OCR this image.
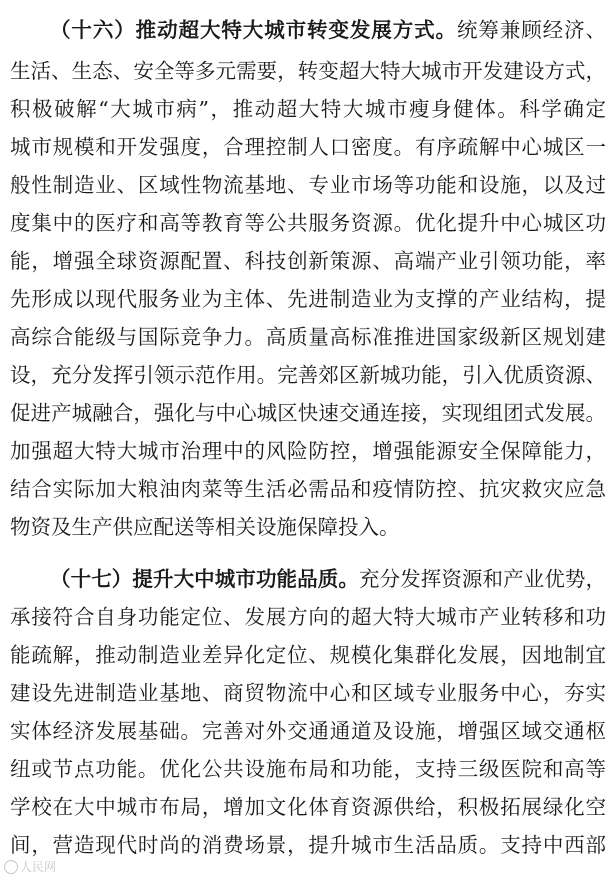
（十六）推动超大特大城市转变发展方式。统筹兼顾经济、
生活、生态、安全等多元需要，转变超大特大城市开发建设方式，
积极破解“大城市病”，推动超大特大城市瘦身健体。科学确定
城市规模和开发强度，合理控制人口密度。有序疏解中心城区一
般性制造业、区域性物流基地、专业市场等功能和设施，以及过
度集中的医疗和高等教育等公共服务资源。优化提升中心城区功
能，增强全球资源配置、科技创新策源、高端产业引领功能，率
先形成以现代服务业为主体、先进制造业为支撑的产业结构，提
高综合能级与国际竞争力。高质量高标准推进国家级新区规划建
设，充分发挥引领示范作用。完善郊区新城功能，引入优质资源、
促进产城融合，强化与中心城区快速交通连接，实现组团式发展。
加强超大特大城市治理中的风险防控，增强能源安全保障能力，
结合实际加大粮油肉菜等生活必需品和疫情防控、抗灾救灾应急
物资及生产供应配送等相关设施保障投入。
（十七）提升大中城市功能品质。充分发挥资源和产业优势，
承接符合自身功能定位、发展方向的超大特大城市产业转移和功
能疏解，推动制造业差异化定位、规模化集群化发展，因地制宜
建设先进制造业基地、商贸物流中心和区域专业服务中心，夯实
实体经济发展基础。完善对外交通通道及设施，增强区域交通枢
纽或节点功能。优化公共设施布局和功能，支持三级医院和高等
学校在大中城市布局，增加文化体育资源供给，积极拓展绿化空
间，营造现代时尚的消费场景，提升城市生活品质。支持中西部
人民网
